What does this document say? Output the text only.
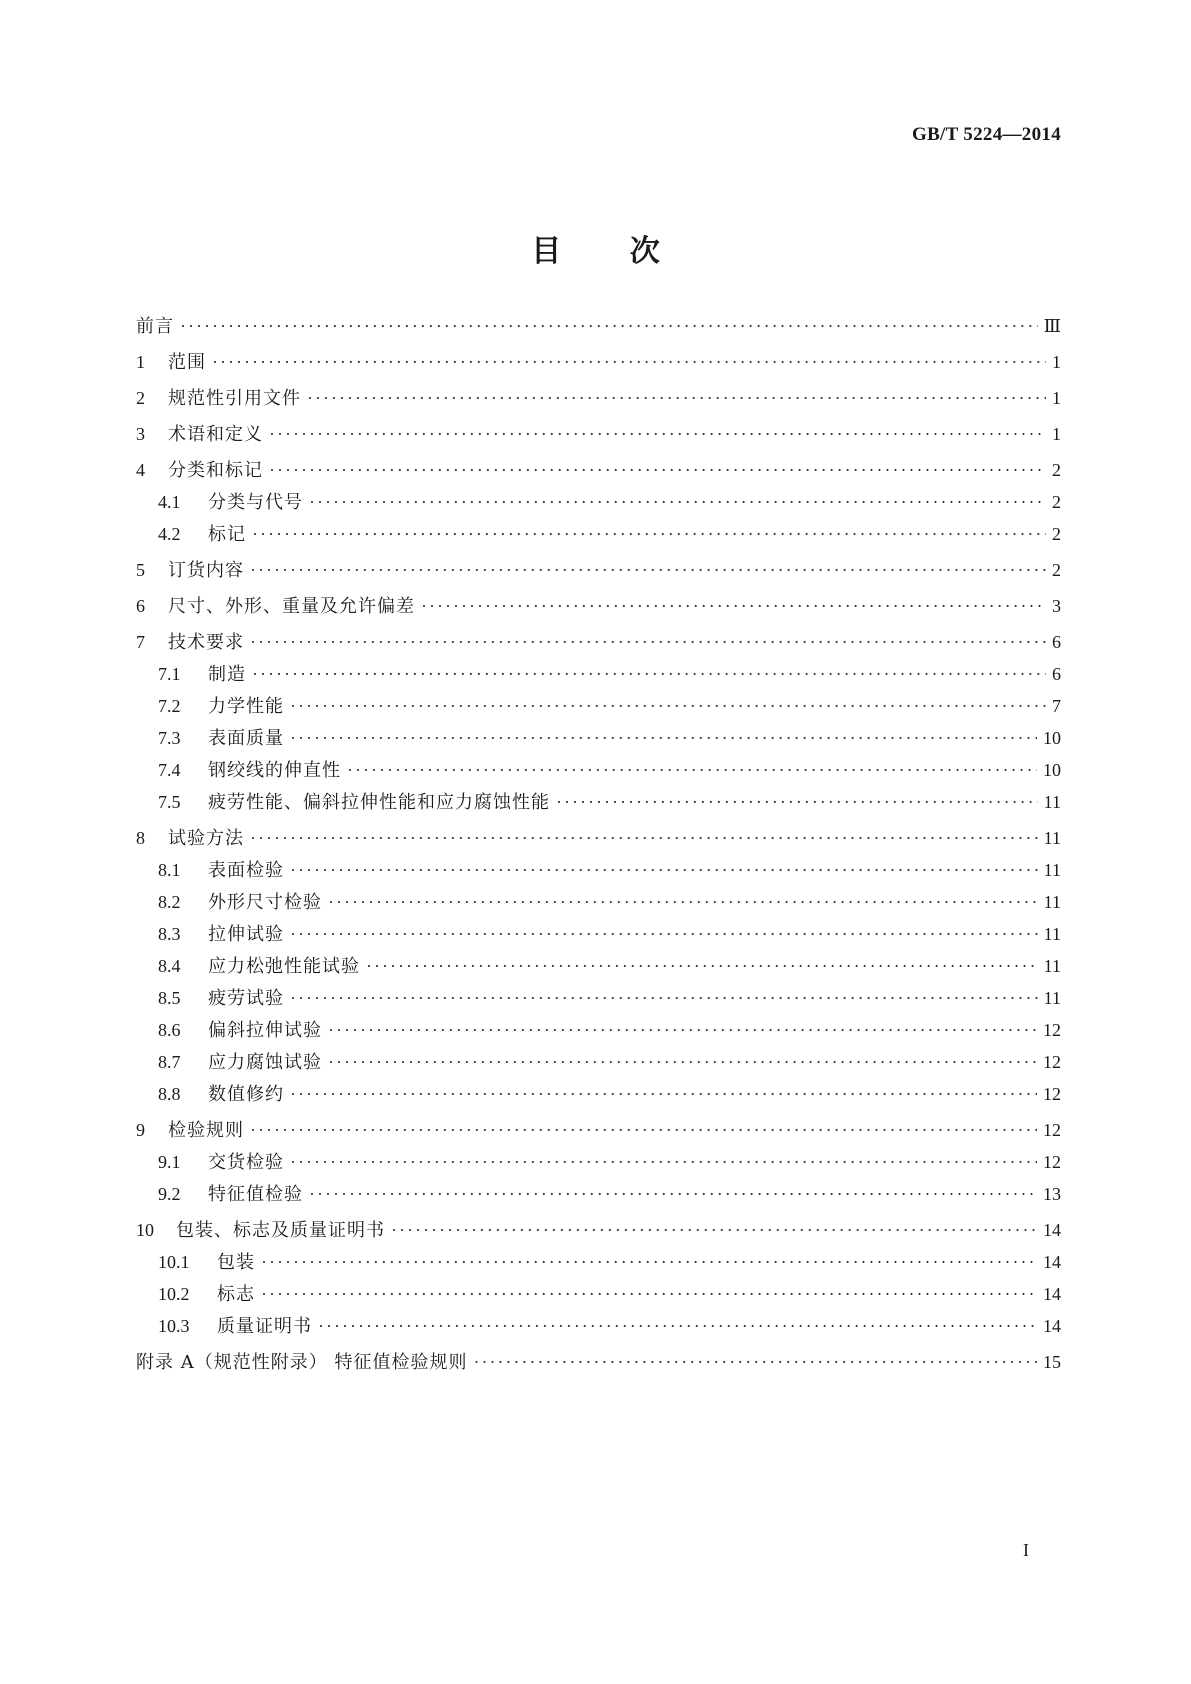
GB/T 5224—2014
目 次
前言 ·····	Ⅲ
1	范围 ·····	1
2	规范性引用文件 ·····	1
3	术语和定义 ·····	1
4	分类和标记 ·····	2
4.1	分类与代号 ·····	2
4.2	标记 ·····	2
5	订货内容 ·····	2
6	尺寸、外形、重量及允许偏差 ·····	3
7	技术要求 ·····	6
7.1	制造 ·····	6
7.2	力学性能 ·····	7
7.3	表面质量 ·····	10
7.4	钢绞线的伸直性 ·····	10
7.5	疲劳性能、偏斜拉伸性能和应力腐蚀性能 ·····	11
8	试验方法 ·····	11
8.1	表面检验 ·····	11
8.2	外形尺寸检验 ·····	11
8.3	拉伸试验 ·····	11
8.4	应力松弛性能试验 ·····	11
8.5	疲劳试验 ·····	11
8.6	偏斜拉伸试验 ·····	12
8.7	应力腐蚀试验 ·····	12
8.8	数值修约 ·····	12
9	检验规则 ·····	12
9.1	交货检验 ·····	12
9.2	特征值检验 ·····	13
10	包装、标志及质量证明书 ·····	14
10.1	包装 ·····	14
10.2	标志 ·····	14
10.3	质量证明书 ·····	14
附录 A（规范性附录） 特征值检验规则 ·····	15
I
